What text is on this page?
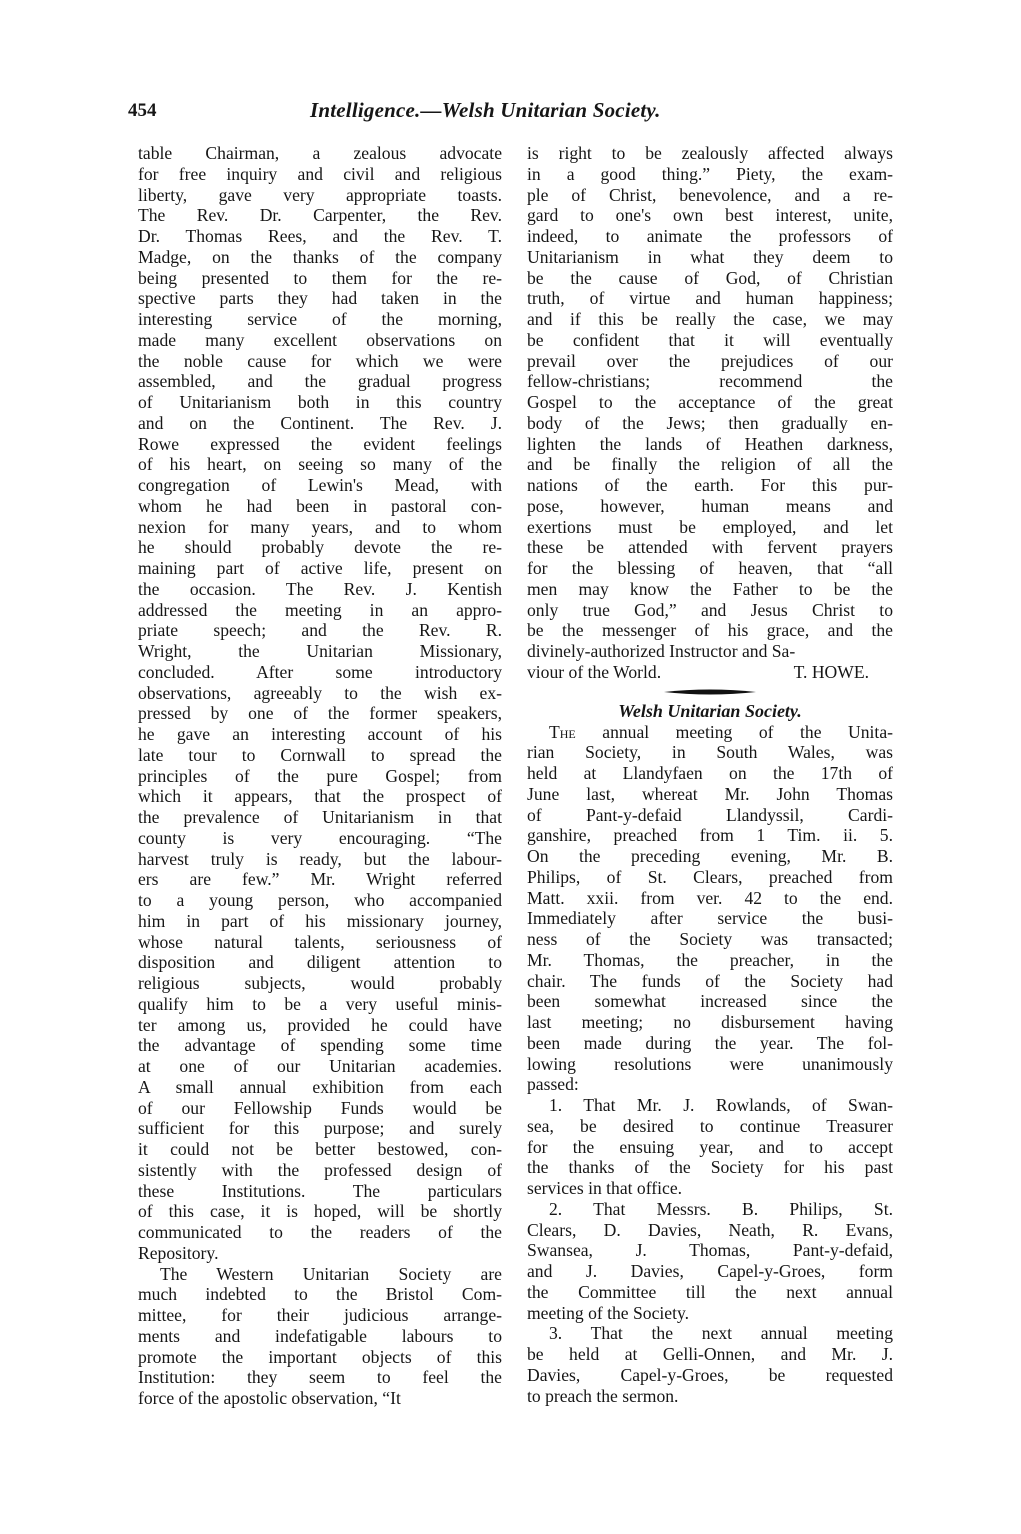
454	Intelligence.—Welsh Unitarian Society.

table Chairman, a zealous advocate
for free inquiry and civil and religious
liberty, gave very appropriate toasts.
The Rev. Dr. Carpenter, the Rev.
Dr. Thomas Rees, and the Rev. T.
Madge, on the thanks of the company
being presented to them for the re-
spective parts they had taken in the
interesting service of the morning,
made many excellent observations on
the noble cause for which we were
assembled, and the gradual progress
of Unitarianism both in this country
and on the Continent. The Rev. J.
Rowe expressed the evident feelings
of his heart, on seeing so many of the
congregation of Lewin's Mead, with
whom he had been in pastoral con-
nexion for many years, and to whom
he should probably devote the re-
maining part of active life, present on
the occasion. The Rev. J. Kentish
addressed the meeting in an appro-
priate speech; and the Rev. R.
Wright, the Unitarian Missionary,
concluded. After some introductory
observations, agreeably to the wish ex-
pressed by one of the former speakers,
he gave an interesting account of his
late tour to Cornwall to spread the
principles of the pure Gospel; from
which it appears, that the prospect of
the prevalence of Unitarianism in that
county is very encouraging. “The
harvest truly is ready, but the labour-
ers are few.” Mr. Wright referred
to a young person, who accompanied
him in part of his missionary journey,
whose natural talents, seriousness of
disposition and diligent attention to
religious subjects, would probably
qualify him to be a very useful minis-
ter among us, provided he could have
the advantage of spending some time
at one of our Unitarian academies.
A small annual exhibition from each
of our Fellowship Funds would be
sufficient for this purpose; and surely
it could not be better bestowed, con-
sistently with the professed design of
these Institutions. The particulars
of this case, it is hoped, will be shortly
communicated to the readers of the
Repository.

The Western Unitarian Society are
much indebted to the Bristol Com-
mittee, for their judicious arrange-
ments and indefatigable labours to
promote the important objects of this
Institution: they seem to feel the
force of the apostolic observation, “It

is right to be zealously affected always
in a good thing.” Piety, the exam-
ple of Christ, benevolence, and a re-
gard to one's own best interest, unite,
indeed, to animate the professors of
Unitarianism in what they deem to
be the cause of God, of Christian
truth, of virtue and human happiness;
and if this be really the case, we may
be confident that it will eventually
prevail over the prejudices of our
fellow-christians; recommend the
Gospel to the acceptance of the great
body of the Jews; then gradually en-
lighten the lands of Heathen darkness,
and be finally the religion of all the
nations of the earth. For this pur-
pose, however, human means and
exertions must be employed, and let
these be attended with fervent prayers
for the blessing of heaven, that “all
men may know the Father to be the
only true God,” and Jesus Christ to
be the messenger of his grace, and the
divinely-authorized Instructor and Sa-

viour of the World.	T. HOWE.
Welsh Unitarian Society.

The annual meeting of the Unita-
rian Society, in South Wales, was
held at Llandyfaen on the 17th of
June last, whereat Mr. John Thomas
of Pant-y-defaid Llandyssil, Cardi-
ganshire, preached from 1 Tim. ii. 5.
On the preceding evening, Mr. B.
Philips, of St. Clears, preached from
Matt. xxii. from ver. 42 to the end.
Immediately after service the busi-
ness of the Society was transacted;
Mr. Thomas, the preacher, in the
chair. The funds of the Society had
been somewhat increased since the
last meeting; no disbursement having
been made during the year. The fol-
lowing resolutions were unanimously
passed:

1. That Mr. J. Rowlands, of Swan-
sea, be desired to continue Treasurer
for the ensuing year, and to accept
the thanks of the Society for his past
services in that office.

2. That Messrs. B. Philips, St.
Clears, D. Davies, Neath, R. Evans,
Swansea, J. Thomas, Pant-y-defaid,
and J. Davies, Capel-y-Groes, form
the Committee till the next annual
meeting of the Society.

3. That the next annual meeting
be held at Gelli-Onnen, and Mr. J.
Davies, Capel-y-Groes, be requested
to preach the sermon.
